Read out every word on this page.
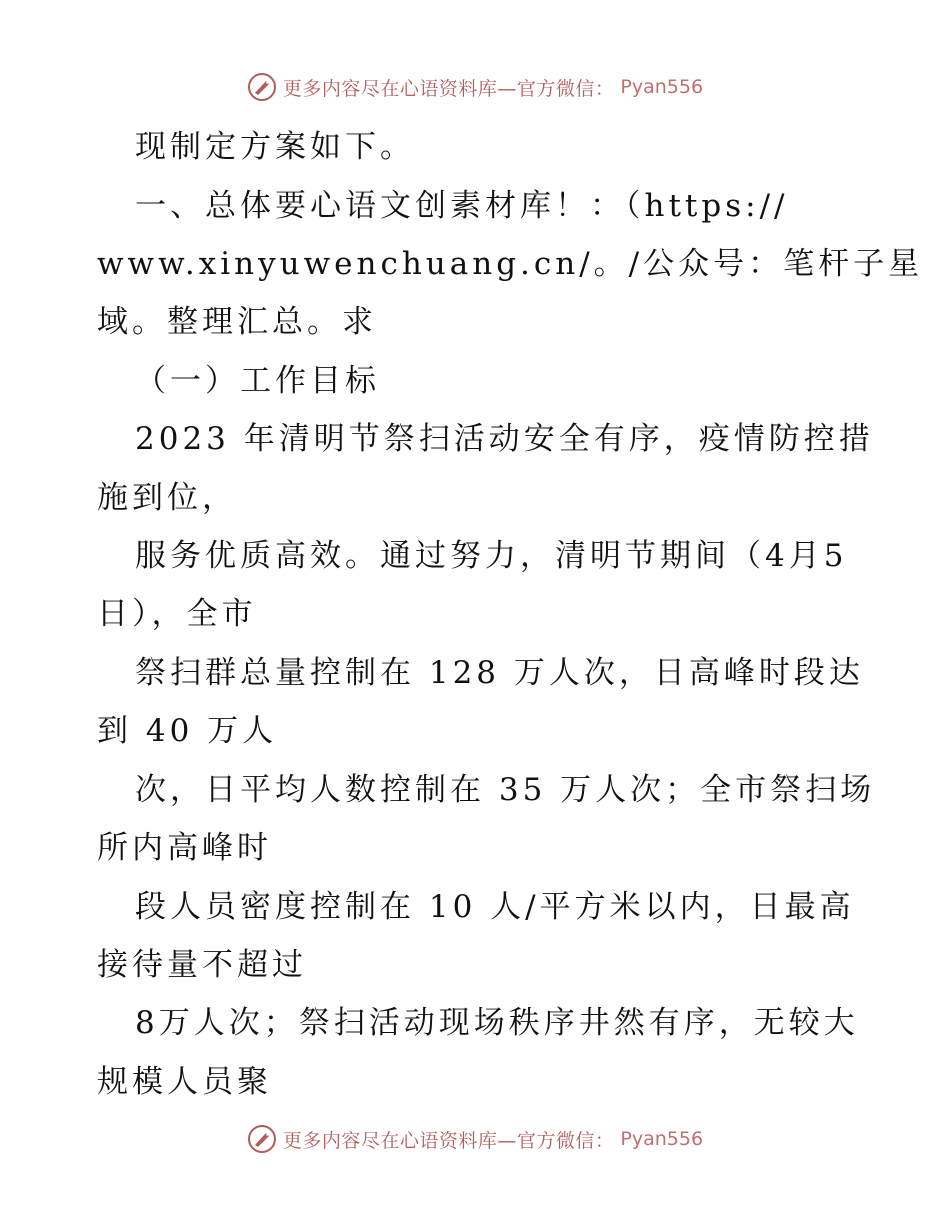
更多内容尽在心语资料库—官方微信： Pyan556
现制定方案如下。
一、总体要心语文创素材库！：（https://
www.xinyuwenchuang.cn/。/公众号：笔杆子星
域。整理汇总。求
（一）工作目标
2023 年清明节祭扫活动安全有序，疫情防控措
施到位，
服务优质高效。通过努力，清明节期间（4月5
日），全市
祭扫群总量控制在 128 万人次，日高峰时段达
到 40 万人
次，日平均人数控制在 35 万人次；全市祭扫场
所内高峰时
段人员密度控制在 10 人/平方米以内，日最高
接待量不超过
8万人次；祭扫活动现场秩序井然有序，无较大
规模人员聚
更多内容尽在心语资料库—官方微信： Pyan556
